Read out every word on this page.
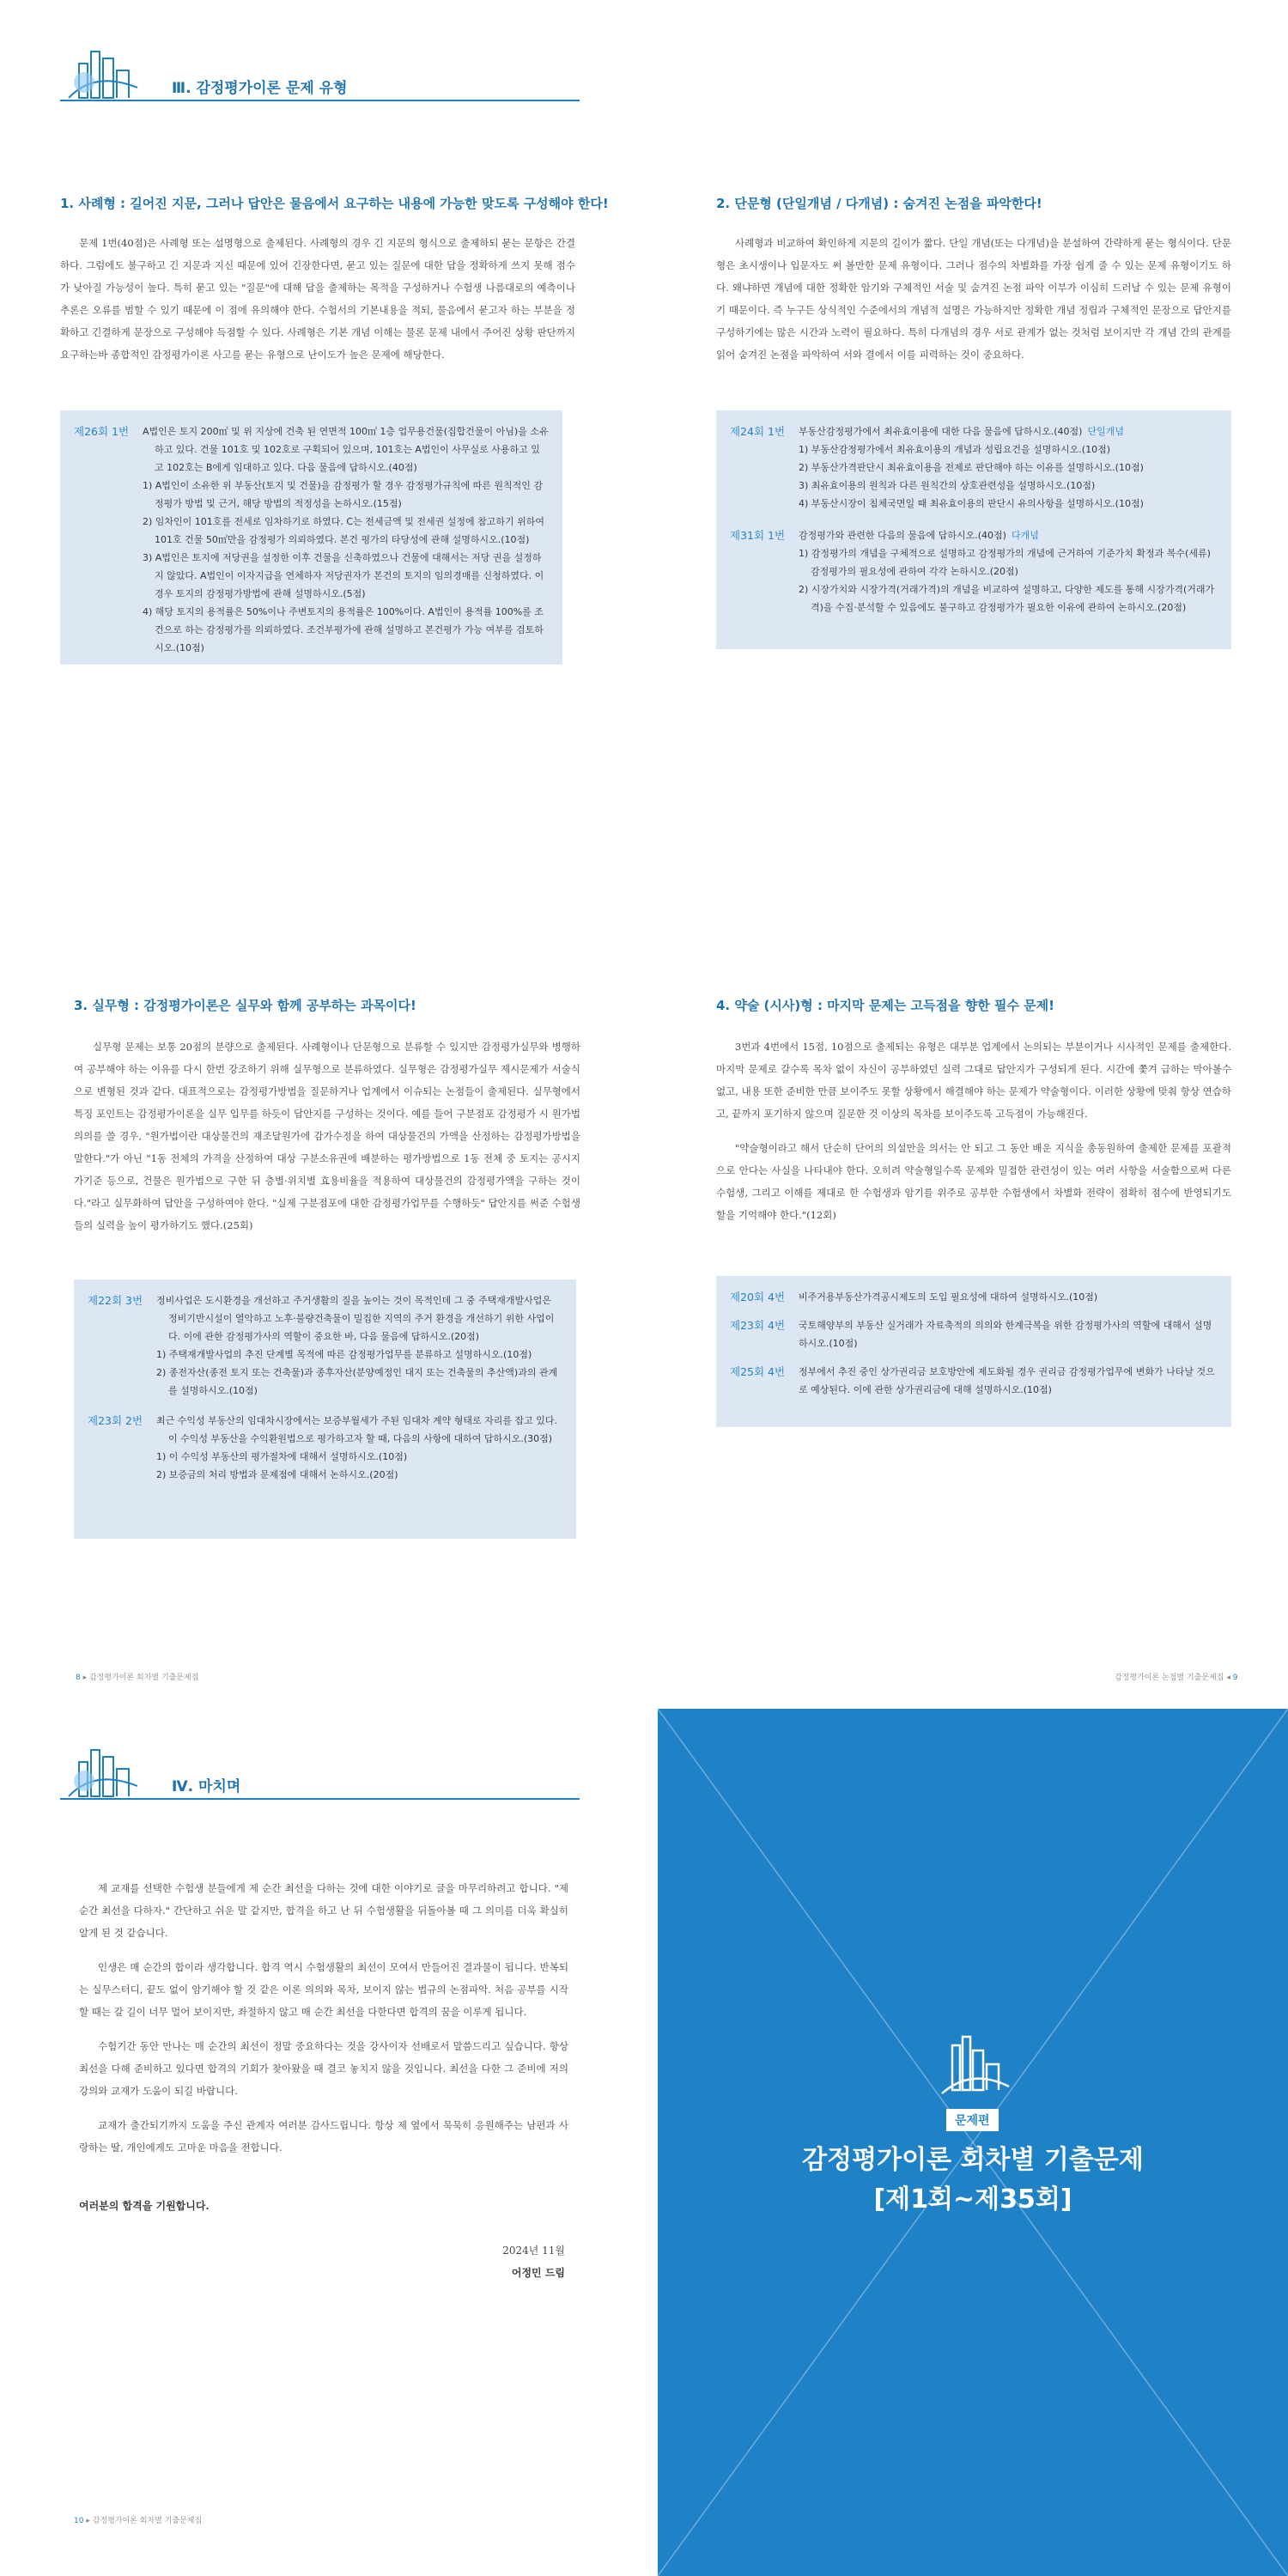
Ⅲ. 감정평가이론 문제 유형
1. 사례형 : 길어진 지문, 그러나 답안은 물음에서 요구하는 내용에 가능한 맞도록 구성해야 한다!

문제 1번(40점)은 사례형 또는 설명형으로 출제된다. 사례형의 경우 긴 지문의 형식으로 출제하되 묻는 문항은 간결하다. 그럼에도 불구하고 긴 지문과 지신 때문에 있어 긴장한다면, 묻고 있는 질문에 대한 답을 정확하게 쓰지 못해 점수가 낮아질 가능성이 높다. 특히 묻고 있는 "질문"에 대해 답을 출제하는 목적을 구성하거나 수험생 나름대로의 예측이나 추론은 오류를 범할 수 있기 때문에 이 점에 유의해야 한다. 수험서의 기본내용을 적되, 물음에서 묻고자 하는 부분을 정확하고 긴결하게 문장으로 구성해야 득점할 수 있다. 사례형은 기본 개념 이해는 물론 문제 내에서 주어진 상황 판단까지 요구하는바 종합적인 감정평가이론 사고를 묻는 유형으로 난이도가 높은 문제에 해당한다.

제26회 1번	A법인은 토지 200㎡ 및 위 지상에 건축 된 연면적 100㎡ 1층 업무용건물(집합건물이 아님)을 소유하고 있다. 건물 101호 및 102호로 구획되어 있으며, 101호는 A법인이 사무실로 사용하고 있고 102호는 B에게 임대하고 있다. 다음 물음에 답하시오.(40점)
1) A법인이 소유한 위 부동산(토지 및 건물)을 감정평가 할 경우 감정평가규칙에 따른 원칙적인 감정평가 방법 및 근거, 해당 방법의 적정성을 논하시오.(15점)
2) 임차인이 101호를 전세로 임차하기로 하였다. C는 전세금액 및 전세권 설정에 참고하기 위하여 101호 건물 50㎡만을 감정평가 의뢰하였다. 본건 평가의 타당성에 관해 설명하시오.(10점)
3) A법인은 토지에 저당권을 설정한 이후 건물을 신축하였으나 건물에 대해서는 저당 권을 설정하지 않았다. A법인이 이자지급을 연체하자 저당권자가 본건의 토지의 임의경매를 신청하였다. 이 경우 토지의 감정평가방법에 관해 설명하시오.(5점)
4) 해당 토지의 용적률은 50%이나 주변토지의 용적률은 100%이다. A법인이 용적률 100%를 조건으로 하는 감정평가를 의뢰하였다. 조건부평가에 관해 설명하고 본건평가 가능 여부를 검토하시오.(10점)
2. 단문형 (단일개념 / 다개념) : 숨겨진 논점을 파악한다!

사례형과 비교하여 확인하게 지문의 길이가 짧다. 단일 개념(또는 다개념)을 분설하여 간략하게 묻는 형식이다. 단문형은 초시생이나 입문자도 써 볼만한 문제 유형이다. 그러나 점수의 차별화를 가장 쉽게 줄 수 있는 문제 유형이기도 하다. 왜냐하면 개념에 대한 정확한 암기와 구체적인 서술 및 숨겨진 논점 파악 이부가 이심히 드러날 수 있는 문제 유형이기 때문이다. 즉 누구든 상식적인 수준에서의 개념적 설명은 가능하지만 정확한 개념 정립과 구체적인 문장으로 답안지를 구성하기에는 많은 시간과 노력이 필요하다. 특히 다개념의 경우 서로 관계가 없는 것처럼 보이지만 각 개념 간의 관계를 읽어 숨겨진 논점을 파악하여 서와 결에서 이를 피력하는 것이 중요하다.

제24회 1번	부동산감정평가에서 최유효이용에 대한 다음 물음에 답하시오.(40점) 단일개념
1) 부동산감정평가에서 최유효이용의 개념과 성립요건을 설명하시오.(10점)
2) 부동산가격판단시 최유효이용을 전제로 판단해야 하는 이유를 설명하시오.(10점)
3) 최유효이용의 원칙과 다른 원칙간의 상호관련성을 설명하시오.(10점)
4) 부동산시장이 침체국면일 때 최유효이용의 판단시 유의사항을 설명하시오.(10점)
제31회 1번	감정평가와 관련한 다음의 물음에 답하시오.(40점) 다개념
1) 감정평가의 개념을 구체적으로 설명하고 감정평가의 개념에 근거하여 기준가치 확정과 복수(세류) 감정평가의 필요성에 관하여 각각 논하시오.(20점)
2) 시장가치와 시장가격(거래가격)의 개념을 비교하여 설명하고, 다양한 제도를 통해 시장가격(거래가격)을 수집·분석할 수 있음에도 불구하고 감정평가가 필요한 이유에 관하여 논하시오.(20점)
3. 실무형 : 감정평가이론은 실무와 함께 공부하는 과목이다!

실무형 문제는 보통 20점의 분량으로 출제된다. 사례형이나 단문형으로 분류할 수 있지만 감정평가실무와 병행하여 공부해야 하는 이유를 다시 한번 강조하기 위해 실무형으로 분류하였다. 실무형은 감정평가실무 제시문제가 서술식으로 변형된 것과 같다. 대표적으로는 감정평가방법을 질문하거나 업계에서 이슈되는 논점들이 출제된다. 실무형에서 특징 포인트는 감정평가이론을 실무 입무를 하듯이 답안지를 구성하는 것이다. 예를 들어 구분점포 감정평가 시 원가법 의의를 쓸 경우, "원가법이란 대상물건의 재조달원가에 감가수정을 하여 대상물건의 가액을 산정하는 감정평가방법을 말한다."가 아닌 "1동 전체의 가격을 산정하여 대상 구분소유권에 배분하는 평가방법으로 1동 전체 중 토지는 공시지가기준 등으로, 건물은 원가법으로 구한 뒤 층별·위치별 효용비율을 적용하여 대상물건의 감정평가액을 구하는 것이다."라고 실무화하여 답안을 구성하여야 한다. "실제 구분점포에 대한 감정평가업무를 수행하듯" 답안지를 써준 수험생들의 실력을 높이 평가하기도 했다.(25회)

제22회 3번	정비사업은 도시환경을 개선하고 주거생활의 질을 높이는 것이 목적인데 그 중 주택재개발사업은 정비기반시설이 열악하고 노후·불량건축물이 밀집한 지역의 주거 환경을 개선하기 위한 사업이다. 이에 관한 감정평가사의 역할이 중요한 바, 다음 물음에 답하시오.(20점)
1) 주택재개발사업의 추진 단계별 목적에 따른 감정평가업무를 분류하고 설명하시오.(10점)
2) 종전자산(종전 토지 또는 건축물)과 종후자산(분양예정인 대지 또는 건축물의 추산액)과의 관계를 설명하시오.(10점)
제23회 2번	최근 수익성 부동산의 임대차시장에서는 보증부월세가 주된 임대차 계약 형태로 자리를 잡고 있다. 이 수익성 부동산을 수익환원법으로 평가하고자 할 때, 다음의 사항에 대하여 답하시오.(30점)
1) 이 수익성 부동산의 평가절차에 대해서 설명하시오.(10점)
2) 보증금의 처리 방법과 문제점에 대해서 논하시오.(20점)
4. 약술 (시사)형 : 마지막 문제는 고득점을 향한 필수 문제!

3번과 4번에서 15점, 10점으로 출제되는 유형은 대부분 업계에서 논의되는 부분이거나 시사적인 문제를 출제한다. 마지막 문제로 갈수록 목차 없이 자신이 공부하였던 실력 그대로 답안지가 구성되게 된다. 시간에 쫓겨 급하는 막아볼수 없고, 내용 또한 준비한 만큼 보이주도 못할 상황에서 해결해야 하는 문제가 약술형이다. 이러한 상황에 맞춰 항상 연습하고, 끝까지 포기하지 않으며 질문한 것 이상의 목차를 보이주도록 고득점이 가능해진다.

"약술형이라고 해서 단순히 단어의 의설만을 의서는 안 되고 그 동안 배운 지식을 총동원하여 출제한 문제를 포괄적으로 안다는 사실을 나타내야 한다. 오히려 약술형일수록 문제와 밀접한 관련성이 있는 여러 사항을 서술함으로써 다른 수험생, 그리고 이해를 제대로 한 수험생과 암기를 위주로 공부한 수험생에서 차별화 전략이 점확히 점수에 반영되기도 할을 기억해야 한다."(12회)

제20회 4번	비주거용부동산가격공시제도의 도입 필요성에 대하여 설명하시오.(10점)
제23회 4번	국토해양부의 부동산 실거래가 자료축적의 의의와 한계극복을 위한 감정평가사의 역할에 대해서 설명하시오.(10점)
제25회 4번	정부에서 추진 중인 상가권리금 보호방안에 제도화될 경우 권리금 감정평가업무에 변화가 나타날 것으로 예상된다. 이에 관한 상가권리금에 대해 설명하시오.(10점)
8 ▸ 감정평가이론 회차별 기출문제집	감정평가이론 논점별 기출문제집 ◂ 9
Ⅳ. 마치며

제 교재를 선택한 수험생 분들에게 제 순간 최선을 다하는 것에 대한 이야기로 글을 마무리하려고 합니다. "제 순간 최선을 다하자." 간단하고 쉬운 말 같지만, 합격을 하고 난 뒤 수험생활을 뒤돌아볼 때 그 의미를 더욱 확실히 알게 된 것 같습니다.

인생은 매 순간의 합이라 생각합니다. 합격 역시 수험생활의 최선이 모여서 만들어진 결과물이 됩니다. 반복되는 실무스터디, 끝도 없이 암기해야 할 것 같은 이론 의의와 목차, 보이지 않는 법규의 논점파악. 처음 공부를 시작할 때는 갈 길이 너무 멀어 보이지만, 좌절하지 않고 매 순간 최선을 다한다면 합격의 꿈을 이루게 됩니다.

수험기간 동안 만나는 매 순간의 최선이 정말 중요하다는 것을 강사이자 선배로서 말씀드리고 싶습니다. 항상 최선을 다해 준비하고 있다면 합격의 기회가 찾아왔을 때 결코 놓치지 않을 것입니다. 최선을 다한 그 준비에 저의 강의와 교재가 도움이 되길 바랍니다.

교재가 출간되기까지 도움을 주신 관계자 여러분 감사드립니다. 항상 제 옆에서 묵묵히 응원해주는 남편과 사랑하는 딸, 개인에게도 고마운 마음을 전합니다.

여러분의 합격을 기원합니다.
2024년 11월
어정민 드림
10 ▸ 감정평가이론 회차별 기출문제집
문제편
감정평가이론 회차별 기출문제
[제1회~제35회]
